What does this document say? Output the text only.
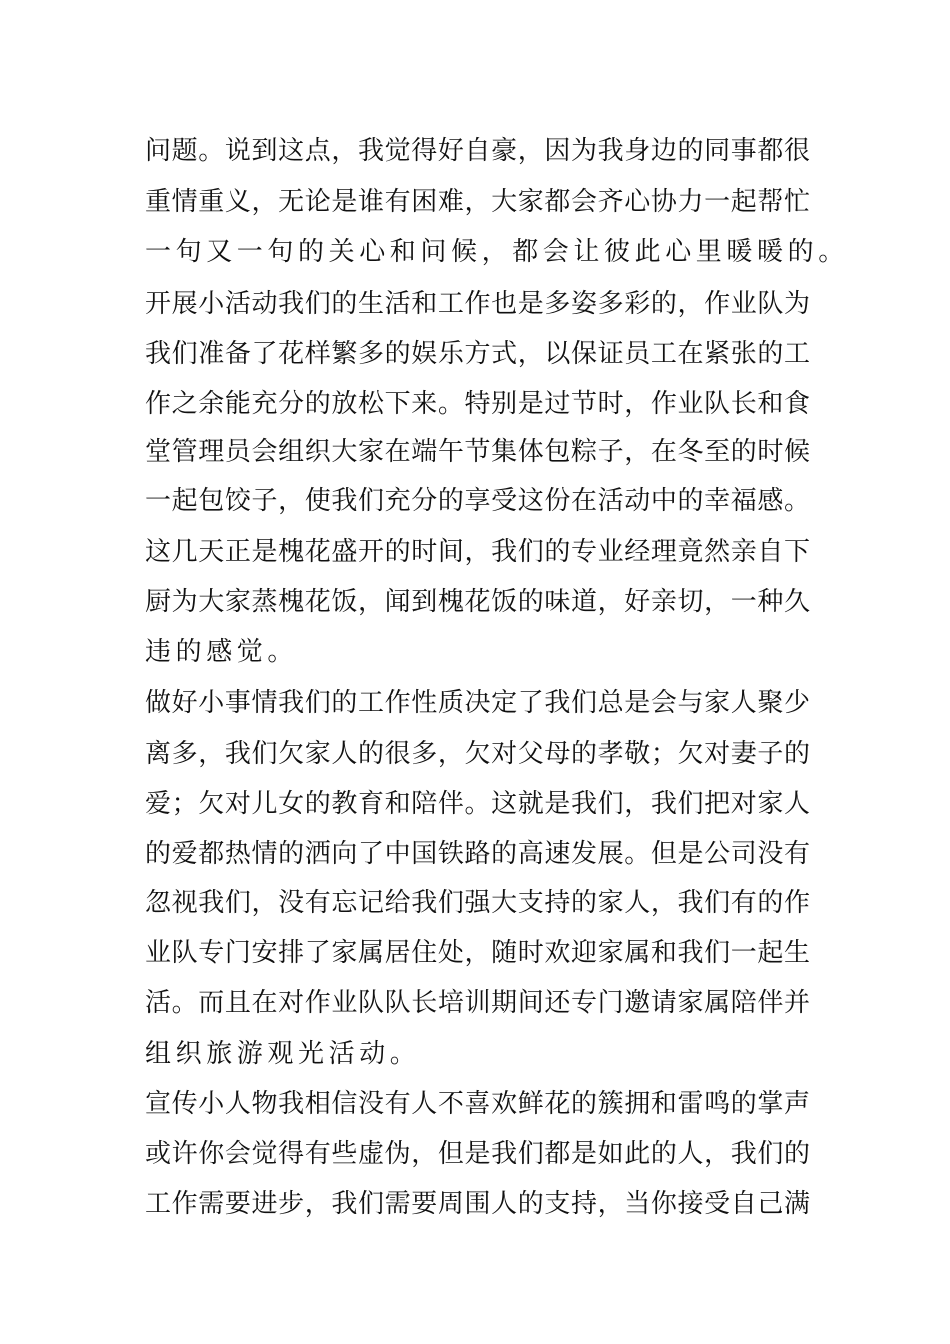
问题。说到这点，我觉得好自豪，因为我身边的同事都很
重情重义，无论是谁有困难，大家都会齐心协力一起帮忙
一句又一句的关心和问候，都会让彼此心里暖暖的。
开展小活动我们的生活和工作也是多姿多彩的，作业队为
我们准备了花样繁多的娱乐方式，以保证员工在紧张的工
作之余能充分的放松下来。特别是过节时，作业队长和食
堂管理员会组织大家在端午节集体包粽子，在冬至的时候
一起包饺子，使我们充分的享受这份在活动中的幸福感。
这几天正是槐花盛开的时间，我们的专业经理竟然亲自下
厨为大家蒸槐花饭，闻到槐花饭的味道，好亲切，一种久
违的感觉。
做好小事情我们的工作性质决定了我们总是会与家人聚少
离多，我们欠家人的很多，欠对父母的孝敬；欠对妻子的
爱；欠对儿女的教育和陪伴。这就是我们，我们把对家人
的爱都热情的洒向了中国铁路的高速发展。但是公司没有
忽视我们，没有忘记给我们强大支持的家人，我们有的作
业队专门安排了家属居住处，随时欢迎家属和我们一起生
活。而且在对作业队队长培训期间还专门邀请家属陪伴并
组织旅游观光活动。
宣传小人物我相信没有人不喜欢鲜花的簇拥和雷鸣的掌声
或许你会觉得有些虚伪，但是我们都是如此的人，我们的
工作需要进步，我们需要周围人的支持，当你接受自己满
